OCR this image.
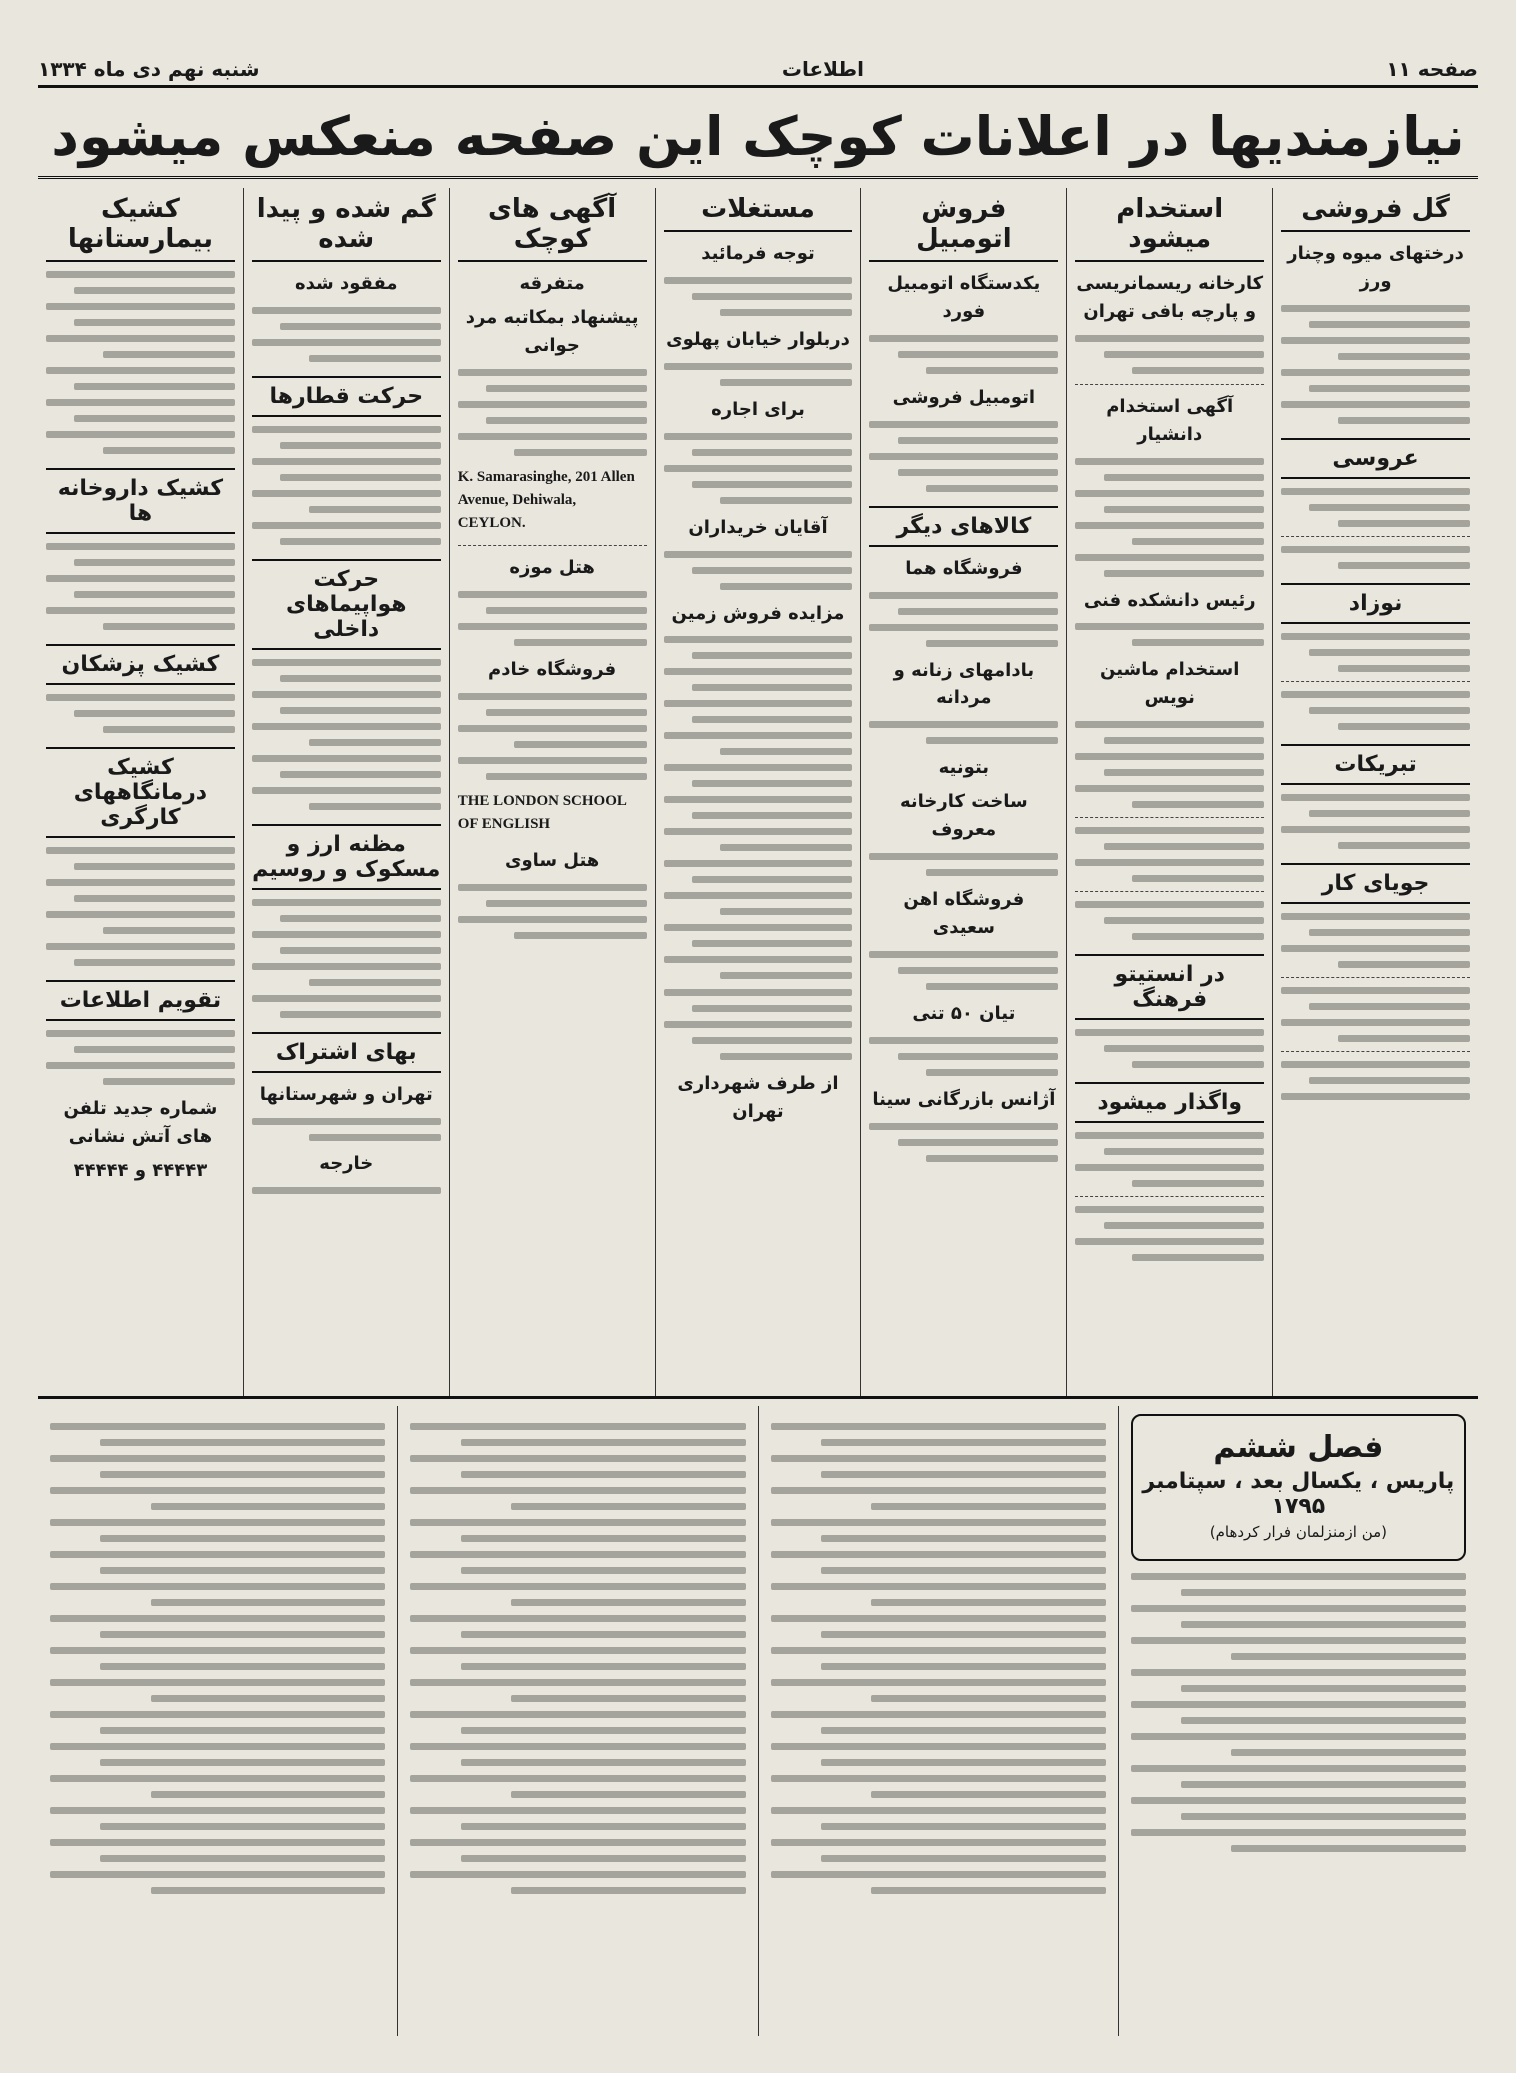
صفحه ۱۱
اطلاعات
شنبه نهم دی ماه ۱۳۳۴
نیازمندیها در اعلانات کوچک این صفحه منعکس میشود
گل فروشی
درختهای میوه وچنار ورز
عروسی
نوزاد
تبریکات
جویای کار
استخدام میشود
کارخانه ریسمانریسی و پارچه بافی تهران
آگهی استخدام دانشیار
رئیس دانشکده فنی
استخدام ماشین نویس
در انستیتو فرهنگ
واگذار میشود
فروش اتومبیل
یکدستگاه اتومبیل فورد
اتومبیل فروشی
کالاهای دیگر
فروشگاه هما
بادامهای زنانه و مردانه
بتونیه
ساخت کارخانه معروف
فروشگاه اهن سعیدی
تیان ۵۰ تنی
آژانس بازرگانی سینا
مستغلات
توجه فرمائید
دربلوار خیابان پهلوی
برای اجاره
آقایان خریداران
مزایده فروش زمین
از طرف شهرداری تهران
آگهی های کوچک
متفرقه
پیشنهاد بمکاتبه مرد جوانی
K. Samarasinghe, 201 Allen Avenue, Dehiwala, CEYLON.
هتل موزه
فروشگاه خادم
THE LONDON SCHOOL OF ENGLISH
هتل ساوی
گم شده و پیدا شده
مفقود شده
حرکت قطارها
حرکت هواپیماهای داخلی
مظنه ارز و مسکوک و روسیم
بهای اشتراک
تهران و شهرستانها
خارجه
کشیک بیمارستانها
کشیک داروخانه ها
کشیک پزشکان
کشیک درمانگاههای کارگری
تقویم اطلاعات
شماره جدید تلفن های آتش نشانی
۴۴۴۴۳ و ۴۴۴۴۴
فصل ششم
پاریس ، یکسال بعد ، سپتامبر ۱۷۹۵
(من ازمنزلمان فرار کردهام)
